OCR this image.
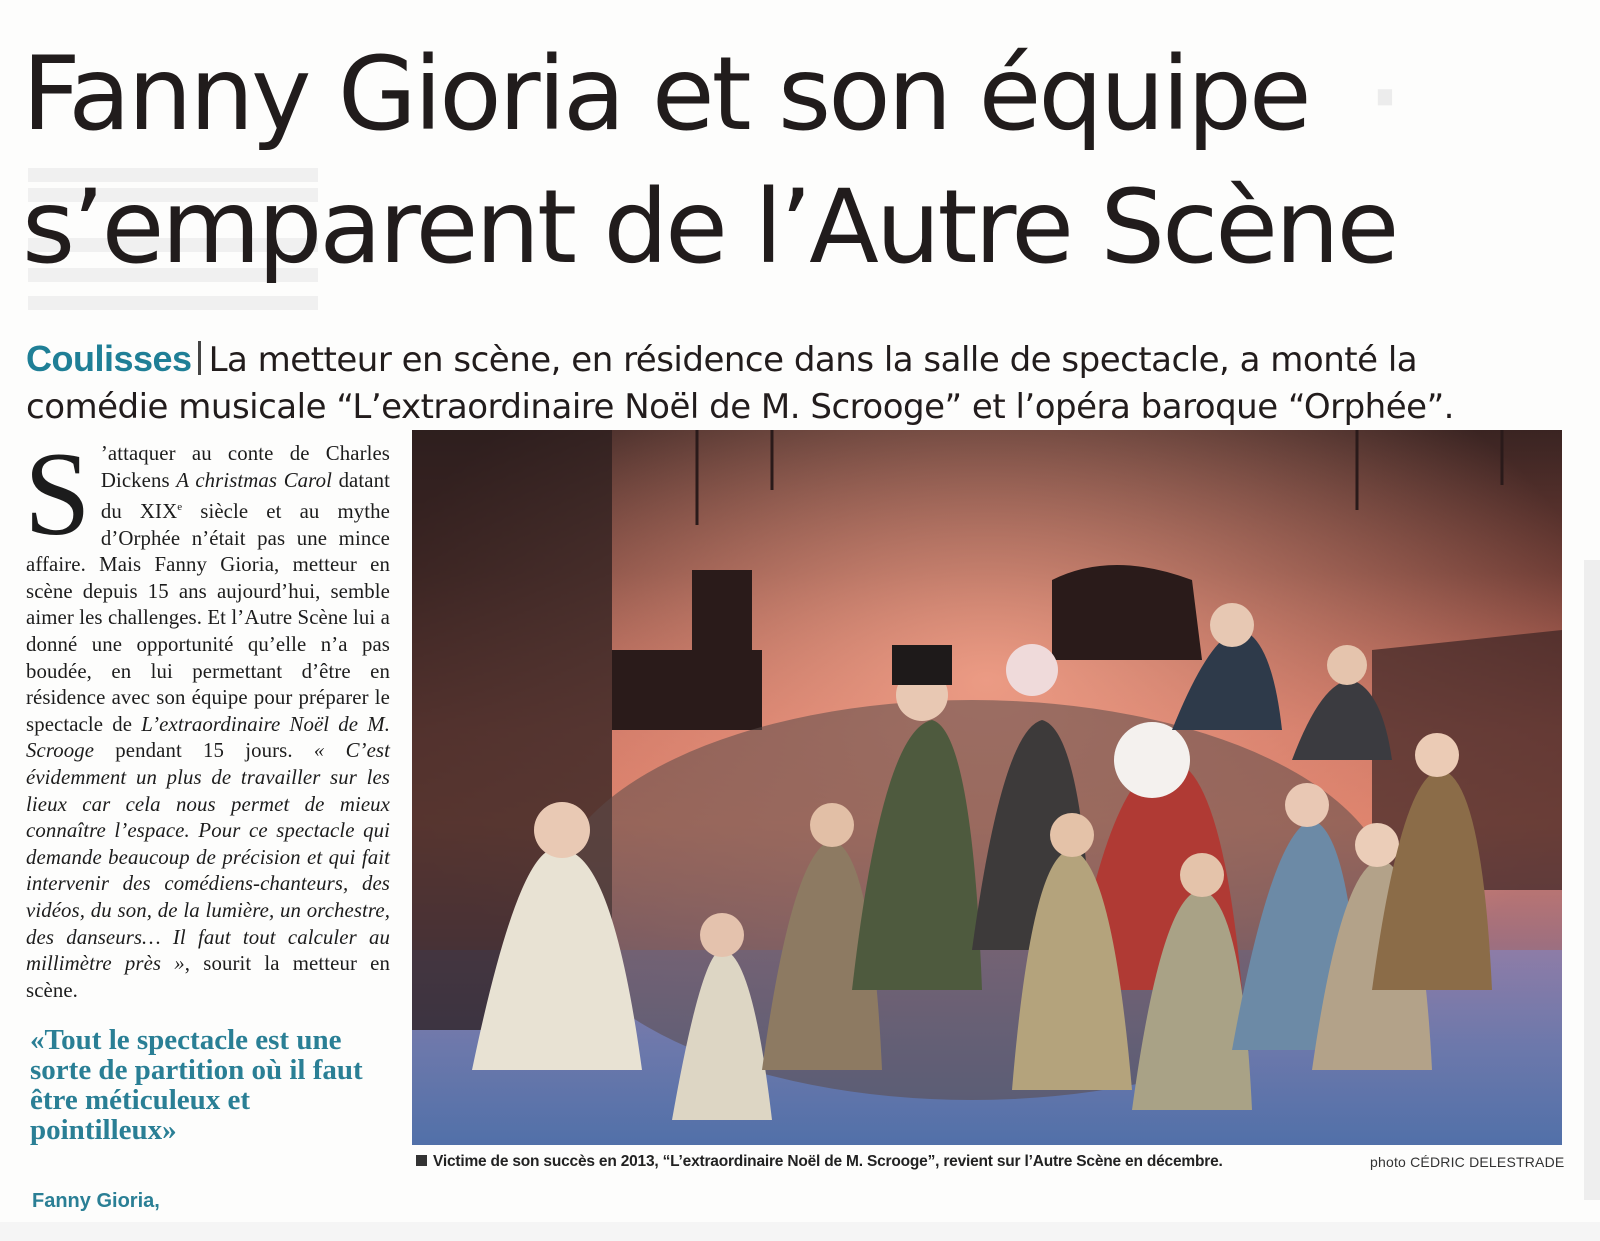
·
Fanny Gioria et son équipe
s’emparent de l’Autre Scène
Coulisses La metteur en scène, en résidence dans la salle de spectacle, a monté la comédie musicale “L’extraordinaire Noël de M. Scrooge” et l’opéra baroque “Orphée”.
S ’attaquer au conte de Charles Dickens A christmas Carol datant du XIXe siècle et au mythe d’Orphée n’était pas une mince affaire. Mais Fanny Gioria, metteur en scène depuis 15 ans aujourd’hui, semble aimer les challenges. Et l’Autre Scène lui a donné une opportunité qu’elle n’a pas boudée, en lui permettant d’être en résidence avec son équipe pour préparer le spectacle de L’extraordinaire Noël de M. Scrooge pendant 15 jours. « C’est évidemment un plus de travailler sur les lieux car cela nous permet de mieux connaître l’espace. Pour ce spectacle qui demande beaucoup de précision et qui fait intervenir des comédiens-chanteurs, des vidéos, du son, de la lumière, un orchestre, des danseurs… Il faut tout calculer au millimètre près », sourit la metteur en scène.
«Tout le spectacle est une sorte de partition où il faut être méticuleux et pointilleux»
Fanny Gioria,
Victime de son succès en 2013, “L’extraordinaire Noël de M. Scrooge”, revient sur l’Autre Scène en décembre.	photo CÉDRIC DELESTRADE
